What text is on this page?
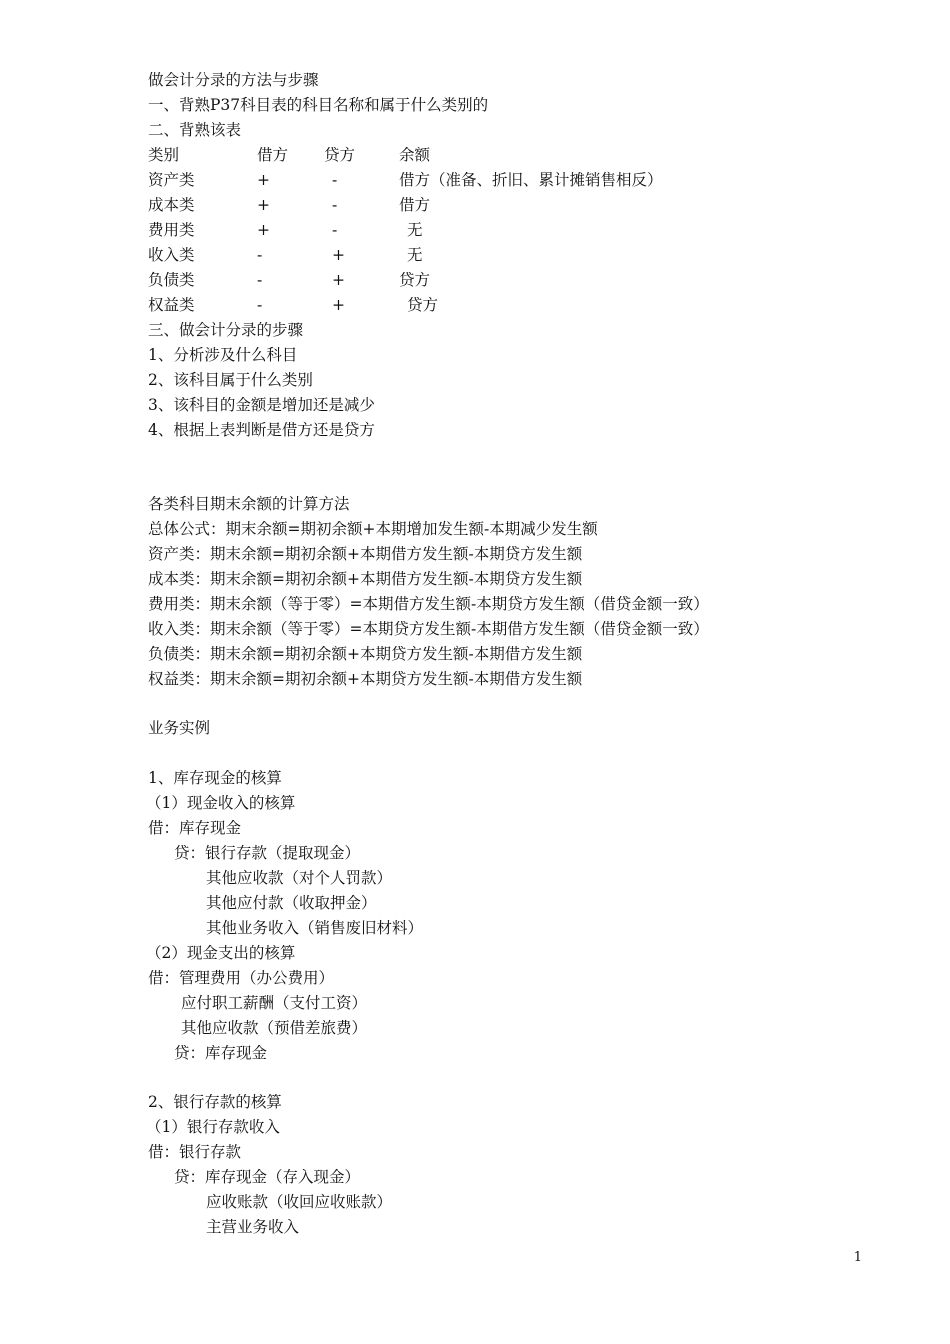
做会计分录的方法与步骤
一、背熟P37科目表的科目名称和属于什么类别的
二、背熟该表
类别	借方 贷方	余额
资产类	+	-	借方（准备、折旧、累计摊销售相反）
成本类	+	-	借方
费用类	+	-	无
收入类	-	+	无
负债类	-	+	贷方
权益类	-	+	贷方
三、做会计分录的步骤
1、分析涉及什么科目
2、该科目属于什么类别
3、该科目的金额是增加还是减少
4、根据上表判断是借方还是贷方
各类科目期末余额的计算方法
总体公式：期末余额=期初余额+本期增加发生额-本期减少发生额
资产类：期末余额=期初余额+本期借方发生额-本期贷方发生额
成本类：期末余额=期初余额+本期借方发生额-本期贷方发生额
费用类：期末余额（等于零）=本期借方发生额-本期贷方发生额（借贷金额一致）
收入类：期末余额（等于零）=本期贷方发生额-本期借方发生额（借贷金额一致）
负债类：期末余额=期初余额+本期贷方发生额-本期借方发生额
权益类：期末余额=期初余额+本期贷方发生额-本期借方发生额
业务实例
1、库存现金的核算
（1）现金收入的核算
借：库存现金
贷：银行存款（提取现金）
其他应收款（对个人罚款）
其他应付款（收取押金）
其他业务收入（销售废旧材料）
（2）现金支出的核算
借：管理费用（办公费用）
应付职工薪酬（支付工资）
其他应收款（预借差旅费）
贷：库存现金
2、银行存款的核算
（1）银行存款收入
借：银行存款
贷：库存现金（存入现金）
应收账款（收回应收账款）
主营业务收入
1
